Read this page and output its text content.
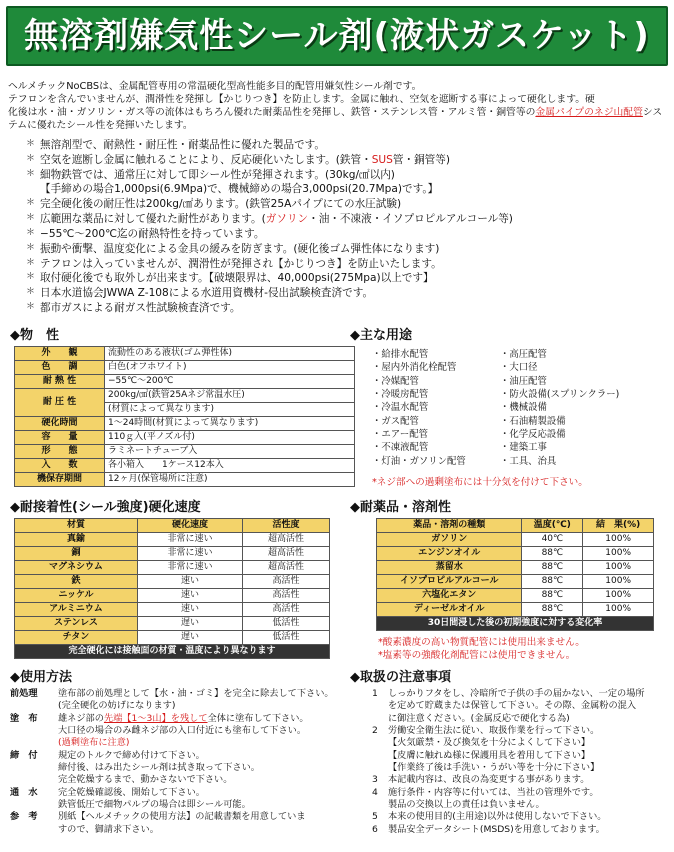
無溶剤嫌気性シール剤(液状ガスケット)
ヘルメチックNoCBSは、金属配管専用の常温硬化型高性能多目的配管用嫌気性シール剤です。
テフロンを含んでいませんが、潤滑性を発揮し【かじりつき】を防止します。金属に触れ、空気を遮断する事によって硬化します。硬
化後は水・油・ガソリン・ガス等の流体はもちろん優れた耐薬品性を発揮し、鉄管・ステンレス管・アルミ管・銅管等の金属パイプのネジ山配管システムに優れたシール性を発揮いたします。
＊ 無溶剤型で、耐熱性・耐圧性・耐薬品性に優れた製品です。
＊ 空気を遮断し金属に触れることにより、反応硬化いたします。(鉄管・SUS管・銅管等)
＊ 細物鉄管では、通常圧に対して即シール性が発揮されます。(30kg/㎠以内)
【手締めの場合1,000psi(6.9Mpa)で、機械締めの場合3,000psi(20.7Mpa)です。】
＊ 完全硬化後の耐圧性は200kg/㎠あります。(鉄管25Aパイプにての水圧試験)
＊ 広範囲な薬品に対して優れた耐性があります。(ガソリン・油・不凍液・イソプロピルアルコール等)
＊ −55℃〜200℃迄の耐熱特性を持っています。
＊ 振動や衝撃、温度変化による金具の緩みを防ぎます。(硬化後ゴム弾性体になります)
＊ テフロンは入っていませんが、潤滑性が発揮され【かじりつき】を防止いたします。
＊ 取付硬化後でも取外しが出来ます。【破壊限界は、40,000psi(275Mpa)以上です】
＊ 日本水道協会JWWA Z-108による水道用資機材-侵出試験検査済です。
＊ 都市ガスによる耐ガス性試験検査済です。
◆物　性
外　　観	流動性のある液状(ゴム弾性体)
色　　調	白色(オフホワイト)
耐 熱 性	−55℃〜200℃
耐 圧 性	200kg/㎠(鉄管25Aネジ常温水圧)
	(材質によって異なります)
硬化時間	1〜24時間(材質によって異なります)
容　　量	110ｇ入(平ノズル付)
形　　態	ラミネートチューブ入
入　　数	各小箱入　　1ケース12本入
機保存期間	12ヶ月(保管場所に注意)
◆主な用途
・ 給排水配管
・ 屋内外消化栓配管
・ 冷媒配管
・ 冷暖房配管
・ 冷温水配管
・ ガス配管
・ エアー配管
・ 不凍液配管
・ 灯油・ガソリン配管
・ 高圧配管
・ 大口径
・ 油圧配管
・ 防火設備(スプリンクラー)
・ 機械設備
・ 石油精製設備
・ 化学反応設備
・ 建築工事
・ 工具、治具
*ネジ部への過剰塗布には十分気を付けて下さい。
◆耐接着性(シール強度)硬化速度
材質	硬化速度	活性度
真鍮	非常に速い	超高活性
銅	非常に速い	超高活性
マグネシウム	非常に速い	超高活性
鉄	速い	高活性
ニッケル	速い	高活性
アルミニウム	速い	高活性
ステンレス	遅い	低活性
チタン	遅い	低活性
完全硬化には接触面の材質・温度により異なります		
◆耐薬品・溶剤性
薬品・溶剤の種類	温度(℃)	結　果(%)
ガソリン	40℃	100%
エンジンオイル	88℃	100%
蒸留水	88℃	100%
イソプロピルアルコール	88℃	100%
六塩化エタン	88℃	100%
ディーゼルオイル	88℃	100%
30日間浸した後の初期強度に対する変化率		
*酸素濃度の高い物質配管には使用出来ません。
*塩素等の強酸化剤配管には使用できません。
◆使用方法
前処理	塗布部の前処理として【水・油・ゴミ】を完全に除去して下さい。
(完全硬化の妨げになります)
塗　布	雄ネジ部の先端【1〜3山】を残して全体に塗布して下さい。
大口径の場合のみ雌ネジ部の入口付近にも塗布して下さい。
(過剰塗布に注意)
締　付	規定のトルクで締め付けて下さい。
締付後、はみ出たシール剤は拭き取って下さい。
完全乾燥するまで、動かさないで下さい。
通　水	完全乾燥確認後、開始して下さい。
鉄管低圧で細物パルプの場合は即シール可能。
参　考	別紙【ヘルメチックの使用方法】の記載書類を用意していま
すので、御請求下さい。
◆取扱の注意事項
1	しっかりフタをし、冷暗所で子供の手の届かない、一定の場所
を定めて貯蔵または保管して下さい。その際、金属粉の混入
に御注意ください。(金属反応で硬化する為)
2	労働安全衛生法に従い、取扱作業を行って下さい。
【火気厳禁・及び換気を十分によくして下さい】
【皮膚に触れぬ様に保護用具を着用して下さい】
【作業終了後は手洗い・うがい等を十分に下さい】
3	本記載内容は、改良の為変更する事があります。
4	施行条件・内容等に付いては、当社の管理外です。
製品の交換以上の責任は負いません。
5	本来の使用目的(主用途)以外は使用しないで下さい。
6	製品安全データシート(MSDS)を用意しております。
